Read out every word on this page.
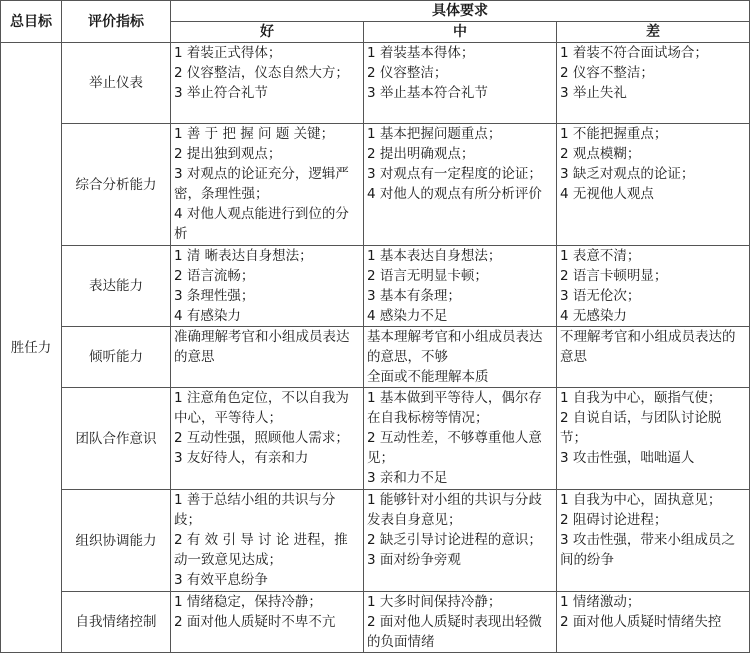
总目标	评价指标	具体要求		
		好	中	差
胜任力	举止仪表	1 着装正式得体；
2 仪容整洁，仪态自然大方；
3 举止符合礼节	1 着装基本得体；
2 仪容整洁；
3 举止基本符合礼节	1 着装不符合面试场合；
2 仪容不整洁；
3 举止失礼

	综合分析能力	1 善 于 把 握 问 题 关键；
2 提出独到观点；
3 对观点的论证充分，逻辑严密，条理性强；
4 对他人观点能进行到位的分析	1 基本把握问题重点；
2 提出明确观点；
3 对观点有一定程度的论证；
4 对他人的观点有所分析评价	1 不能把握重点；
2 观点模糊；
3 缺乏对观点的论证；
4 无视他人观点

	表达能力	1 清 晰表达自身想法；
2 语言流畅；
3 条理性强；
4 有感染力	1 基本表达自身想法；
2 语言无明显卡顿；
3 基本有条理；
4 感染力不足	1 表意不清；
2 语言卡顿明显；
3 语无伦次；
4 无感染力

	倾听能力	准确理解考官和小组成员表达的意思	基本理解考官和小组成员表达的意思，不够
全面或不能理解本质	不理解考官和小组成员表达的意思

	团队合作意识	1 注意角色定位，不以自我为中心，平等待人；
2 互动性强，照顾他人需求；
3 友好待人，有亲和力	1 基本做到平等待人，偶尔存在自我标榜等情况；
2 互动性差，不够尊重他人意见；
3 亲和力不足	1 自我为中心，颐指气使；
2 自说自话，与团队讨论脱节；
3 攻击性强，咄咄逼人

	组织协调能力	1 善于总结小组的共识与分歧；
2 有 效 引 导 讨 论 进程，推动一致意见达成；
3 有效平息纷争	1 能够针对小组的共识与分歧发表自身意见；
2 缺乏引导讨论进程的意识；
3 面对纷争旁观	1 自我为中心，固执意见；
2 阻碍讨论进程；
3 攻击性强，带来小组成员之间的纷争

	自我情绪控制	1 情绪稳定，保持冷静；
2 面对他人质疑时不卑不亢	1 大多时间保持冷静；
2 面对他人质疑时表现出轻微的负面情绪	1 情绪激动；
2 面对他人质疑时情绪失控
